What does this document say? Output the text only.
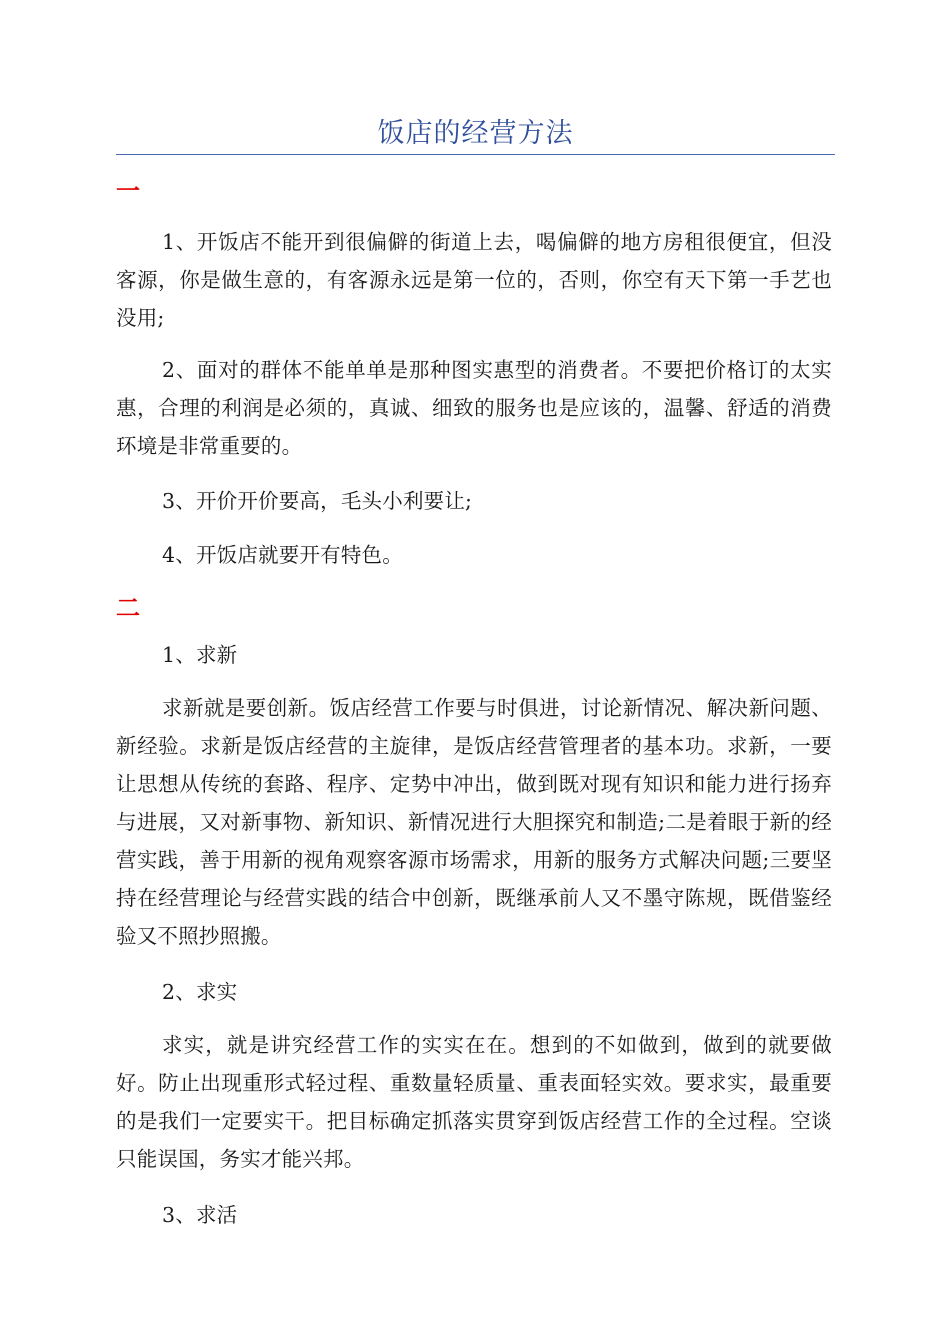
饭店的经营方法
一

1、开饭店不能开到很偏僻的街道上去，喝偏僻的地方房租很便宜，但没客源，你是做生意的，有客源永远是第一位的，否则，你空有天下第一手艺也没用;

2、面对的群体不能单单是那种图实惠型的消费者。不要把价格订的太实惠，合理的利润是必须的，真诚、细致的服务也是应该的，温馨、舒适的消费环境是非常重要的。

3、开价开价要高，毛头小利要让;

4、开饭店就要开有特色。

二

1、求新

求新就是要创新。饭店经营工作要与时俱进，讨论新情况、解决新问题、新经验。求新是饭店经营的主旋律，是饭店经营管理者的基本功。求新，一要让思想从传统的套路、程序、定势中冲出，做到既对现有知识和能力进行扬弃与进展，又对新事物、新知识、新情况进行大胆探究和制造;二是着眼于新的经营实践，善于用新的视角观察客源市场需求，用新的服务方式解决问题;三要坚持在经营理论与经营实践的结合中创新，既继承前人又不墨守陈规，既借鉴经验又不照抄照搬。

2、求实

求实，就是讲究经营工作的实实在在。想到的不如做到，做到的就要做好。防止出现重形式轻过程、重数量轻质量、重表面轻实效。要求实，最重要的是我们一定要实干。把目标确定抓落实贯穿到饭店经营工作的全过程。空谈只能误国，务实才能兴邦。

3、求活
